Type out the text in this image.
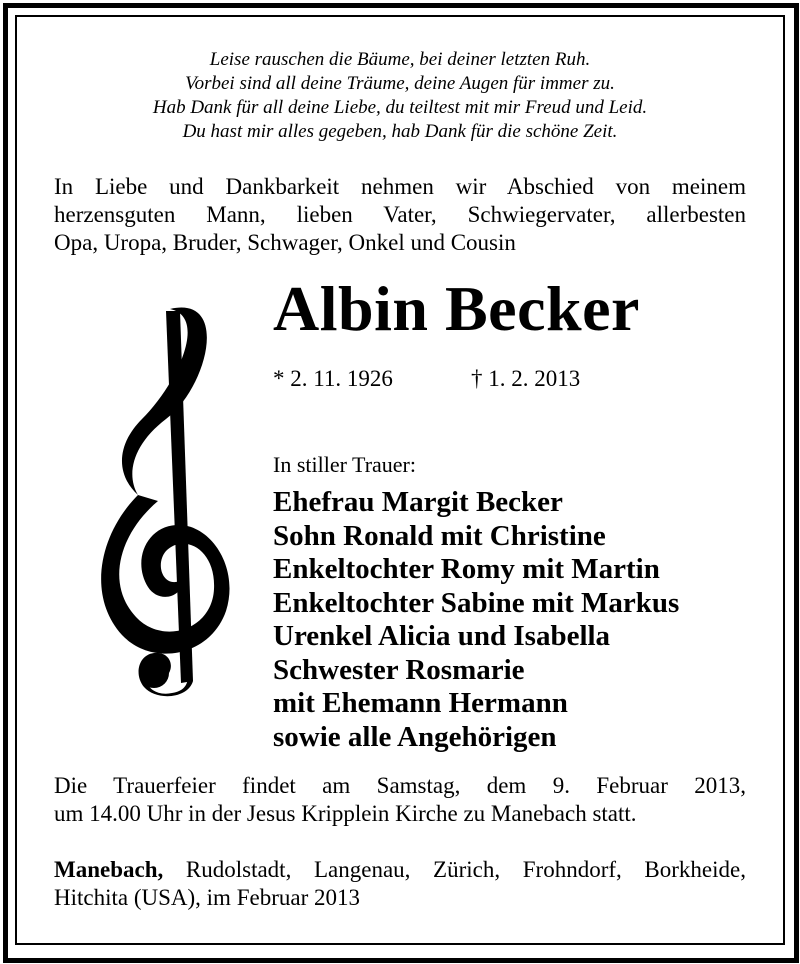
Leise rauschen die Bäume, bei deiner letzten Ruh.
Vorbei sind all deine Träume, deine Augen für immer zu.
Hab Dank für all deine Liebe, du teiltest mit mir Freud und Leid.
Du hast mir alles gegeben, hab Dank für die schöne Zeit.
In Liebe und Dankbarkeit nehmen wir Abschied von meinem
herzensguten Mann, lieben Vater, Schwiegervater, allerbesten
Opa, Uropa, Bruder, Schwager, Onkel und Cousin
Albin Becker
* 2. 11. 1926	† 1. 2. 2013
In stiller Trauer:
Ehefrau Margit Becker
Sohn Ronald mit Christine
Enkeltochter Romy mit Martin
Enkeltochter Sabine mit Markus
Urenkel Alicia und Isabella
Schwester Rosmarie
mit Ehemann Hermann
sowie alle Angehörigen
Die Trauerfeier findet am Samstag, dem 9. Februar 2013,
um 14.00 Uhr in der Jesus Kripplein Kirche zu Manebach statt.
Manebach, Rudolstadt, Langenau, Zürich, Frohndorf, Borkheide,
Hitchita (USA), im Februar 2013
